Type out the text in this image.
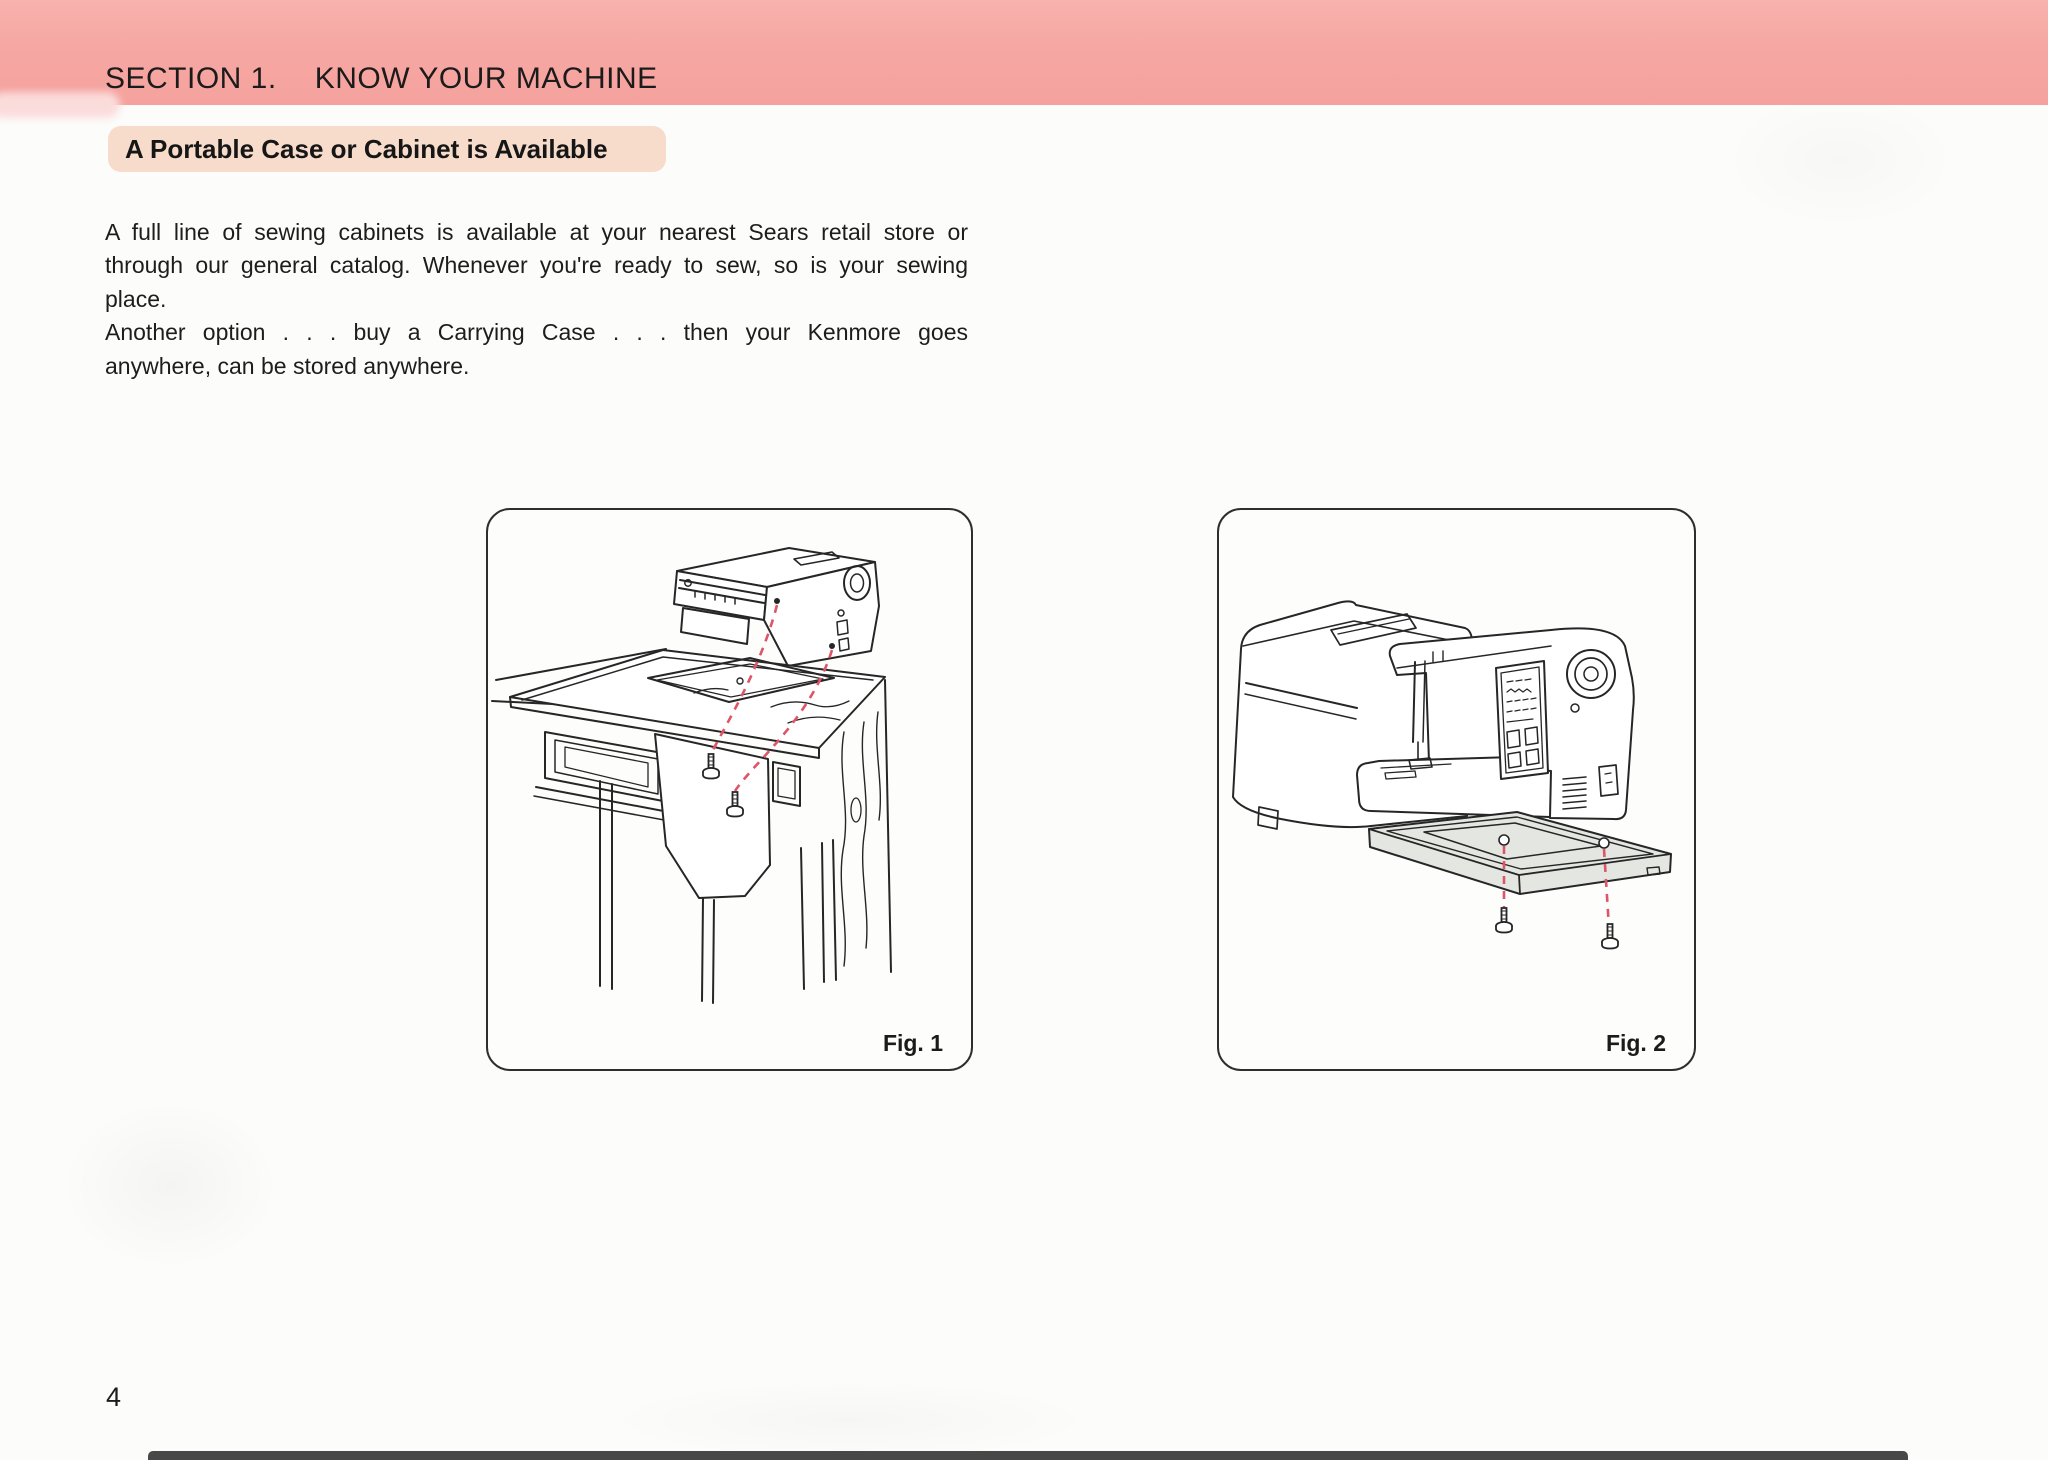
SECTION 1. KNOW YOUR MACHINE
A Portable Case or Cabinet is Available
A full line of sewing cabinets is available at your nearest Sears retail store or
through our general catalog. Whenever you're ready to sew, so is your sewing
place.
Another option . . . buy a Carrying Case . . . then your Kenmore goes
anywhere, can be stored anywhere.
Fig. 1	Fig. 2
4
